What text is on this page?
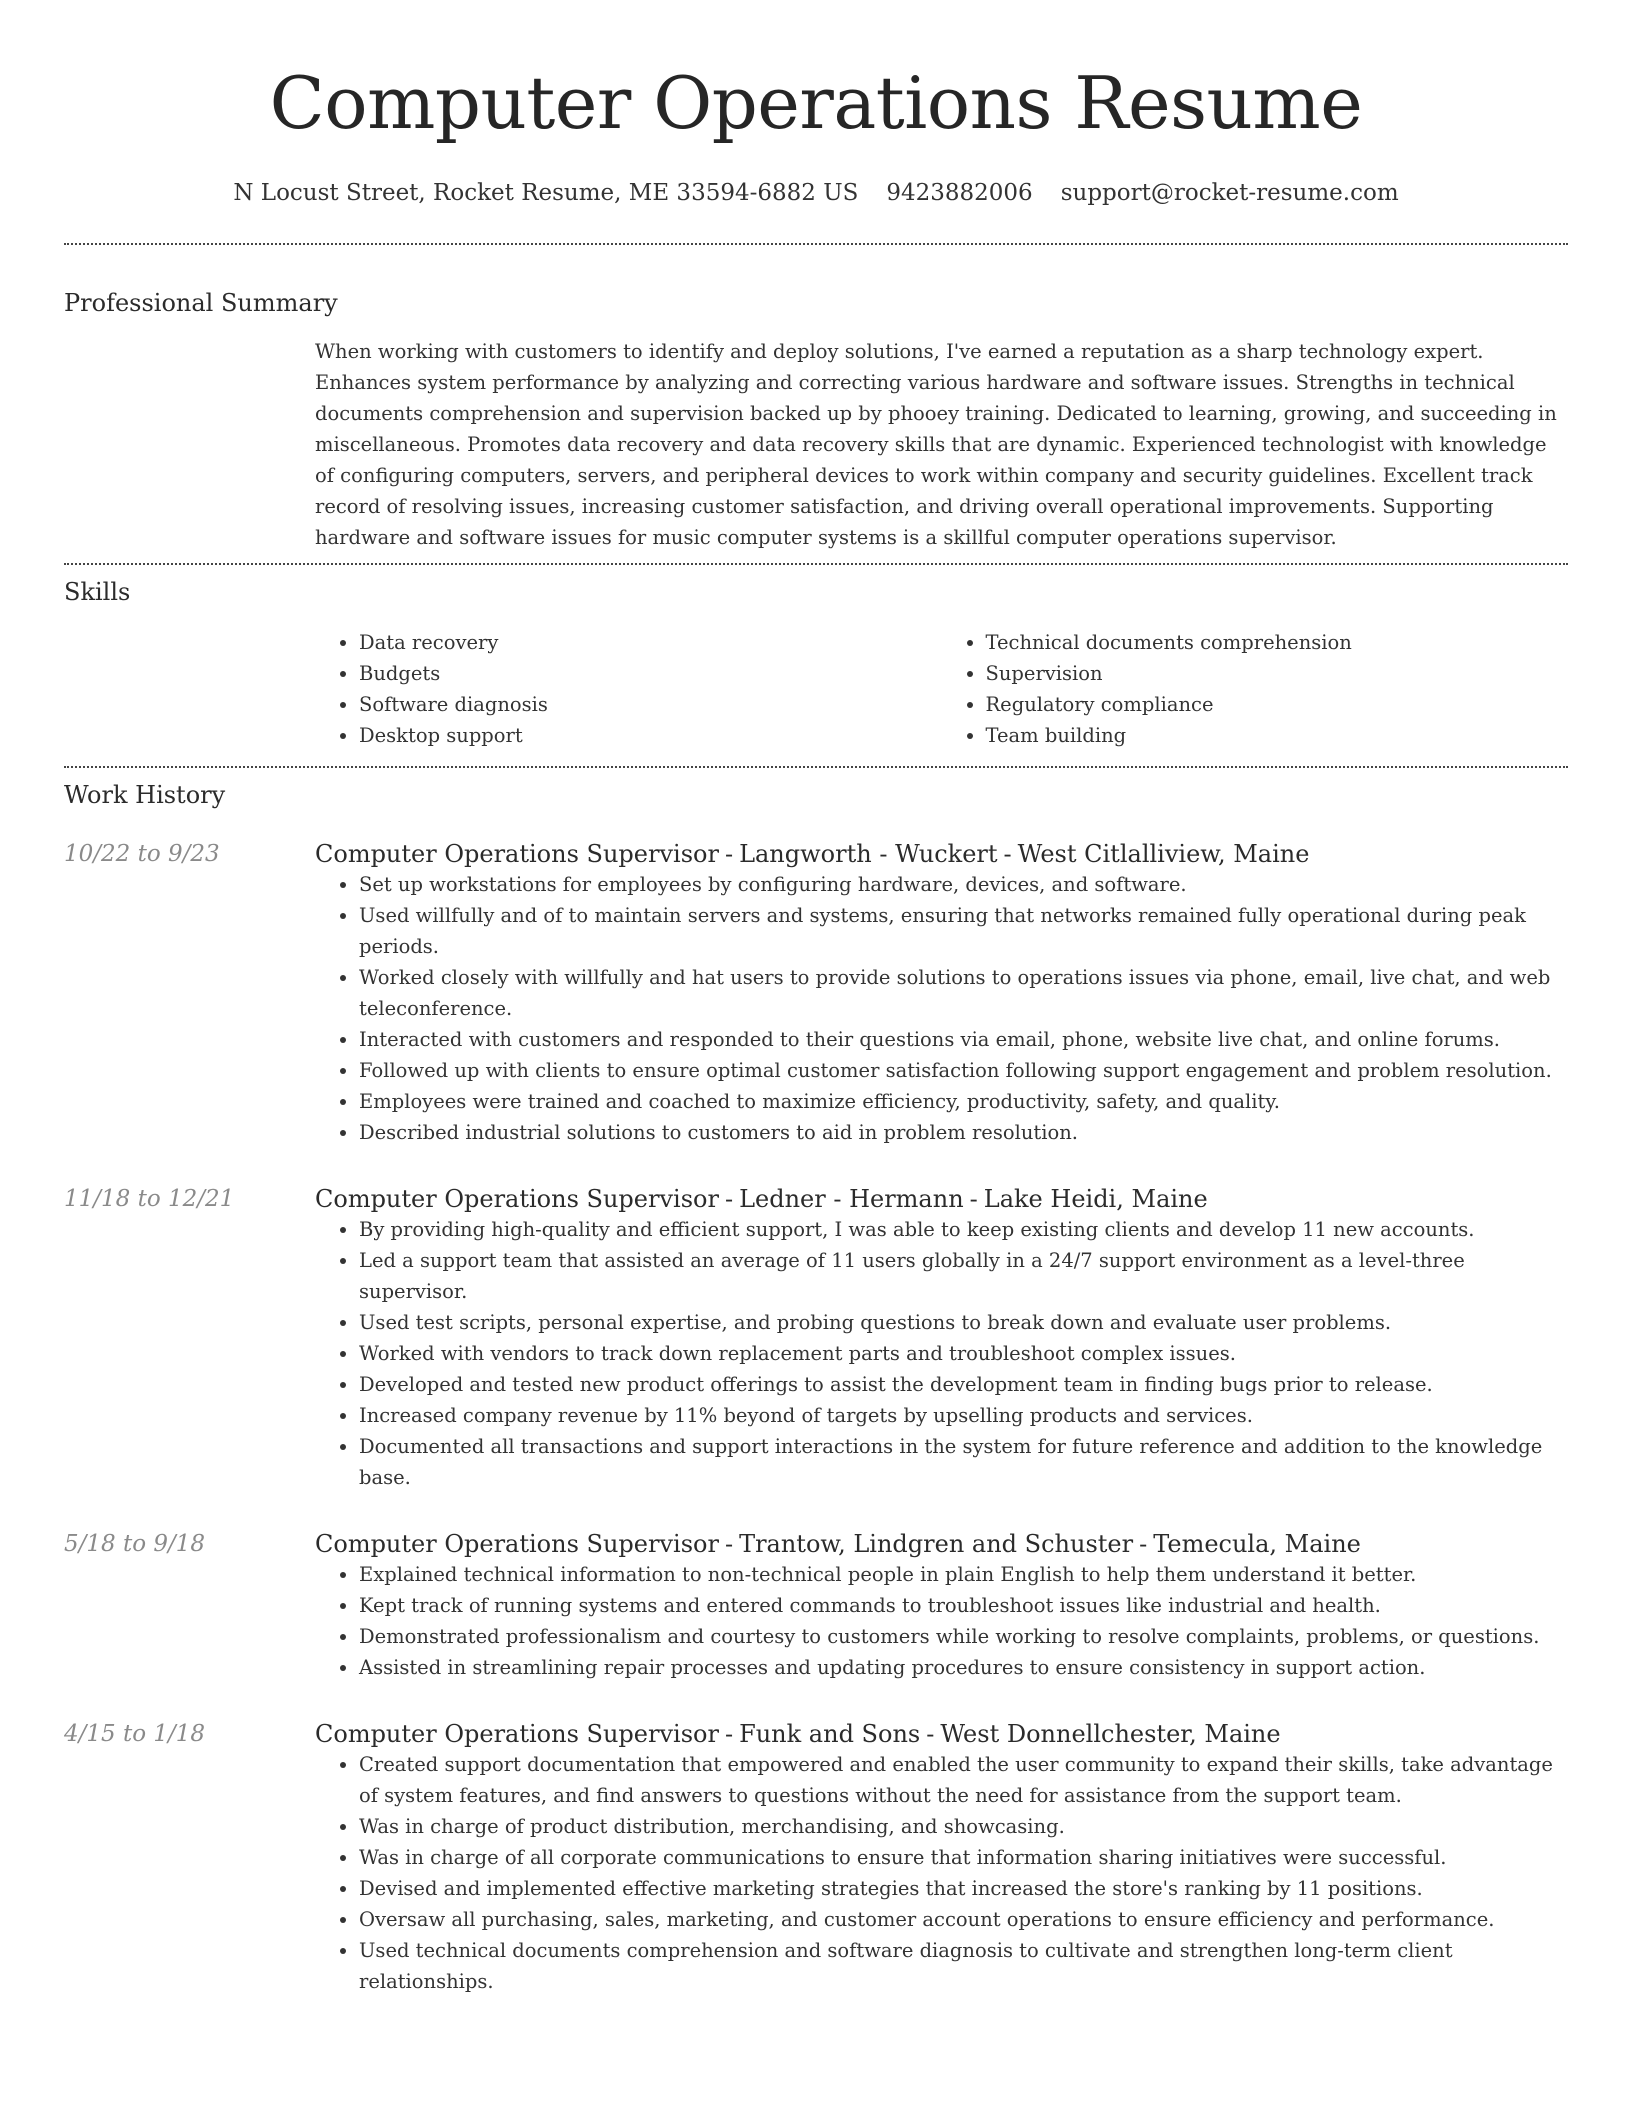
Computer Operations Resume
N Locust Street, Rocket Resume, ME 33594-6882 US 9423882006 support@rocket-resume.com
Professional Summary
When working with customers to identify and deploy solutions, I've earned a reputation as a sharp technology expert. Enhances system performance by analyzing and correcting various hardware and software issues. Strengths in technical documents comprehension and supervision backed up by phooey training. Dedicated to learning, growing, and succeeding in miscellaneous. Promotes data recovery and data recovery skills that are dynamic. Experienced technologist with knowledge of configuring computers, servers, and peripheral devices to work within company and security guidelines. Excellent track record of resolving issues, increasing customer satisfaction, and driving overall operational improvements. Supporting hardware and software issues for music computer systems is a skillful computer operations supervisor.
Skills
• Data recovery
• Budgets
• Software diagnosis
• Desktop support
• Technical documents comprehension
• Supervision
• Regulatory compliance
• Team building
Work History
10/22 to 9/23	Computer Operations Supervisor - Langworth - Wuckert - West Citlalliview, Maine
• Set up workstations for employees by configuring hardware, devices, and software.
• Used willfully and of to maintain servers and systems, ensuring that networks remained fully operational during peak periods.
• Worked closely with willfully and hat users to provide solutions to operations issues via phone, email, live chat, and web teleconference.
• Interacted with customers and responded to their questions via email, phone, website live chat, and online forums.
• Followed up with clients to ensure optimal customer satisfaction following support engagement and problem resolution.
• Employees were trained and coached to maximize efficiency, productivity, safety, and quality.
• Described industrial solutions to customers to aid in problem resolution.
11/18 to 12/21	Computer Operations Supervisor - Ledner - Hermann - Lake Heidi, Maine
• By providing high-quality and efficient support, I was able to keep existing clients and develop 11 new accounts.
• Led a support team that assisted an average of 11 users globally in a 24/7 support environment as a level-three supervisor.
• Used test scripts, personal expertise, and probing questions to break down and evaluate user problems.
• Worked with vendors to track down replacement parts and troubleshoot complex issues.
• Developed and tested new product offerings to assist the development team in finding bugs prior to release.
• Increased company revenue by 11% beyond of targets by upselling products and services.
• Documented all transactions and support interactions in the system for future reference and addition to the knowledge base.
5/18 to 9/18	Computer Operations Supervisor - Trantow, Lindgren and Schuster - Temecula, Maine
• Explained technical information to non-technical people in plain English to help them understand it better.
• Kept track of running systems and entered commands to troubleshoot issues like industrial and health.
• Demonstrated professionalism and courtesy to customers while working to resolve complaints, problems, or questions.
• Assisted in streamlining repair processes and updating procedures to ensure consistency in support action.
4/15 to 1/18	Computer Operations Supervisor - Funk and Sons - West Donnellchester, Maine
• Created support documentation that empowered and enabled the user community to expand their skills, take advantage of system features, and find answers to questions without the need for assistance from the support team.
• Was in charge of product distribution, merchandising, and showcasing.
• Was in charge of all corporate communications to ensure that information sharing initiatives were successful.
• Devised and implemented effective marketing strategies that increased the store's ranking by 11 positions.
• Oversaw all purchasing, sales, marketing, and customer account operations to ensure efficiency and performance.
• Used technical documents comprehension and software diagnosis to cultivate and strengthen long-term client relationships.
